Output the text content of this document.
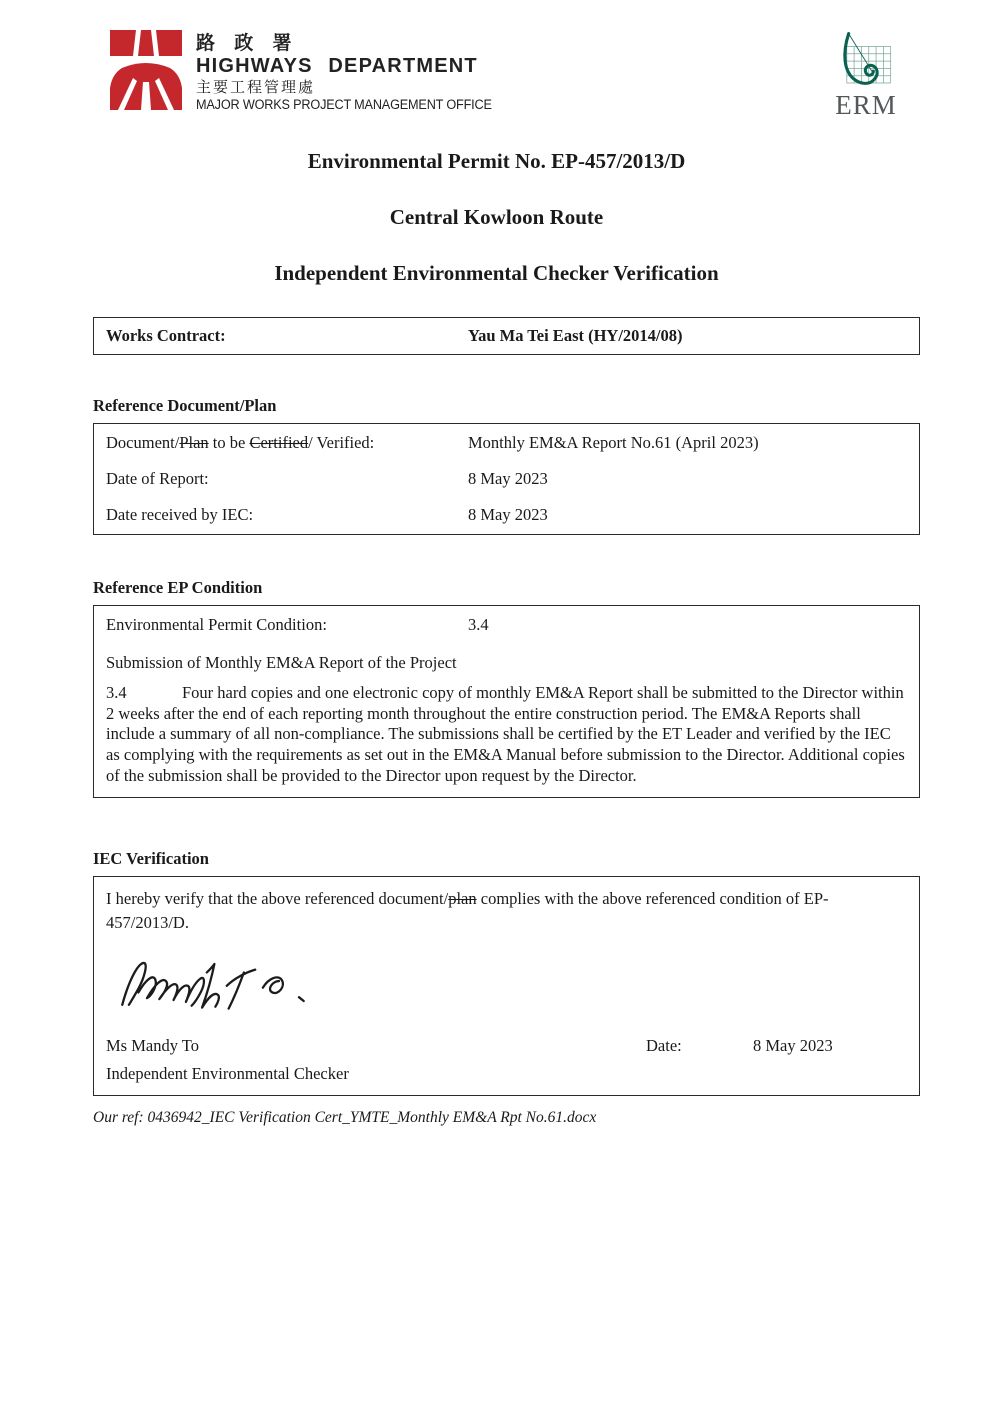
路 政 署
HIGHWAYS DEPARTMENT
主要工程管理處
MAJOR WORKS PROJECT MANAGEMENT OFFICE	ERM
Environmental Permit No. EP-457/2013/D
Central Kowloon Route
Independent Environmental Checker Verification
Works Contract:	Yau Ma Tei East (HY/2014/08)
Reference Document/Plan
Document/Plan to be Certified/ Verified:	Monthly EM&A Report No.61 (April 2023)
Date of Report:	8 May 2023
Date received by IEC:	8 May 2023
Reference EP Condition
Environmental Permit Condition:	3.4
Submission of Monthly EM&A Report of the Project
3.4	Four hard copies and one electronic copy of monthly EM&A Report shall be submitted to the Director within 2 weeks after the end of each reporting month throughout the entire construction period. The EM&A Reports shall include a summary of all non-compliance. The submissions shall be certified by the ET Leader and verified by the IEC as complying with the requirements as set out in the EM&A Manual before submission to the Director. Additional copies of the submission shall be provided to the Director upon request by the Director.
IEC Verification
I hereby verify that the above referenced document/plan complies with the above referenced condition of EP-457/2013/D.
Ms Mandy To	Date:	8 May 2023
Independent Environmental Checker
Our ref: 0436942_IEC Verification Cert_YMTE_Monthly EM&A Rpt No.61.docx
